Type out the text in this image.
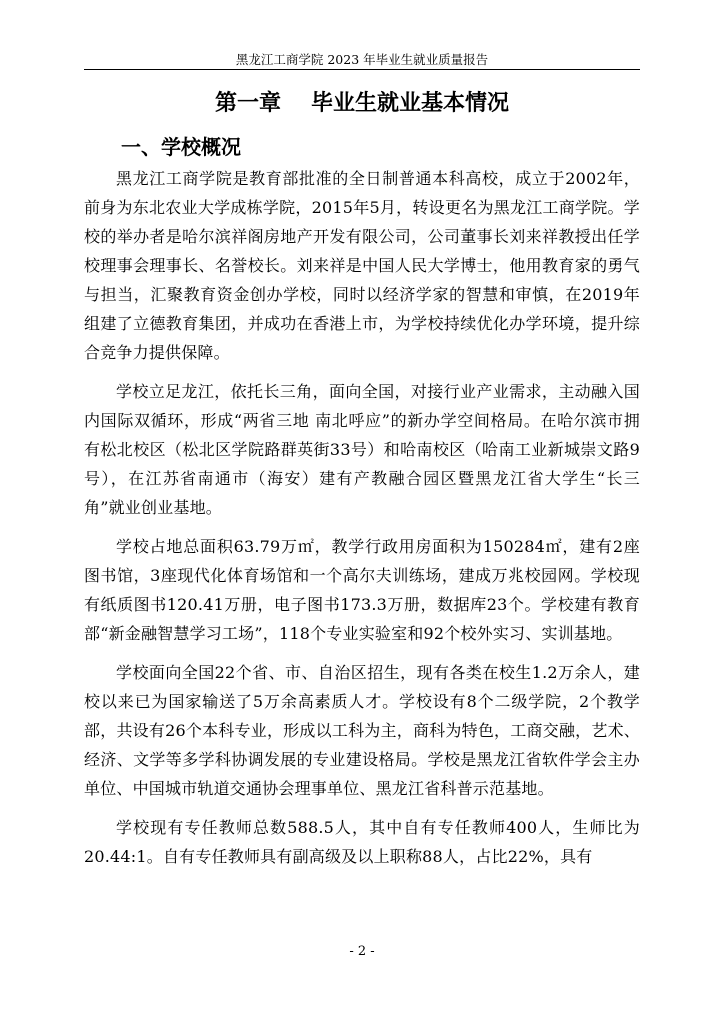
黑龙江工商学院 2023 年毕业生就业质量报告
第一章 毕业生就业基本情况
一、学校概况

黑龙江工商学院是教育部批准的全日制普通本科高校，成立于2002年，前身为东北农业大学成栋学院，2015年5月，转设更名为黑龙江工商学院。学校的举办者是哈尔滨祥阁房地产开发有限公司，公司董事长刘来祥教授出任学校理事会理事长、名誉校长。刘来祥是中国人民大学博士，他用教育家的勇气与担当，汇聚教育资金创办学校，同时以经济学家的智慧和审慎，在2019年组建了立德教育集团，并成功在香港上市，为学校持续优化办学环境，提升综合竞争力提供保障。

学校立足龙江，依托长三角，面向全国，对接行业产业需求，主动融入国内国际双循环，形成“两省三地 南北呼应”的新办学空间格局。在哈尔滨市拥有松北校区（松北区学院路群英街33号）和哈南校区（哈南工业新城崇文路9号），在江苏省南通市（海安）建有产教融合园区暨黑龙江省大学生“长三角”就业创业基地。

学校占地总面积63.79万㎡，教学行政用房面积为150284㎡，建有2座图书馆，3座现代化体育场馆和一个高尔夫训练场，建成万兆校园网。学校现有纸质图书120.41万册，电子图书173.3万册，数据库23个。学校建有教育部“新金融智慧学习工场”，118个专业实验室和92个校外实习、实训基地。

学校面向全国22个省、市、自治区招生，现有各类在校生1.2万余人，建校以来已为国家输送了5万余高素质人才。学校设有8个二级学院，2个教学部，共设有26个本科专业，形成以工科为主，商科为特色，工商交融，艺术、经济、文学等多学科协调发展的专业建设格局。学校是黑龙江省软件学会主办单位、中国城市轨道交通协会理事单位、黑龙江省科普示范基地。

学校现有专任教师总数588.5人，其中自有专任教师400人，生师比为20.44:1。自有专任教师具有副高级及以上职称88人，占比22%，具有

- 2 -
